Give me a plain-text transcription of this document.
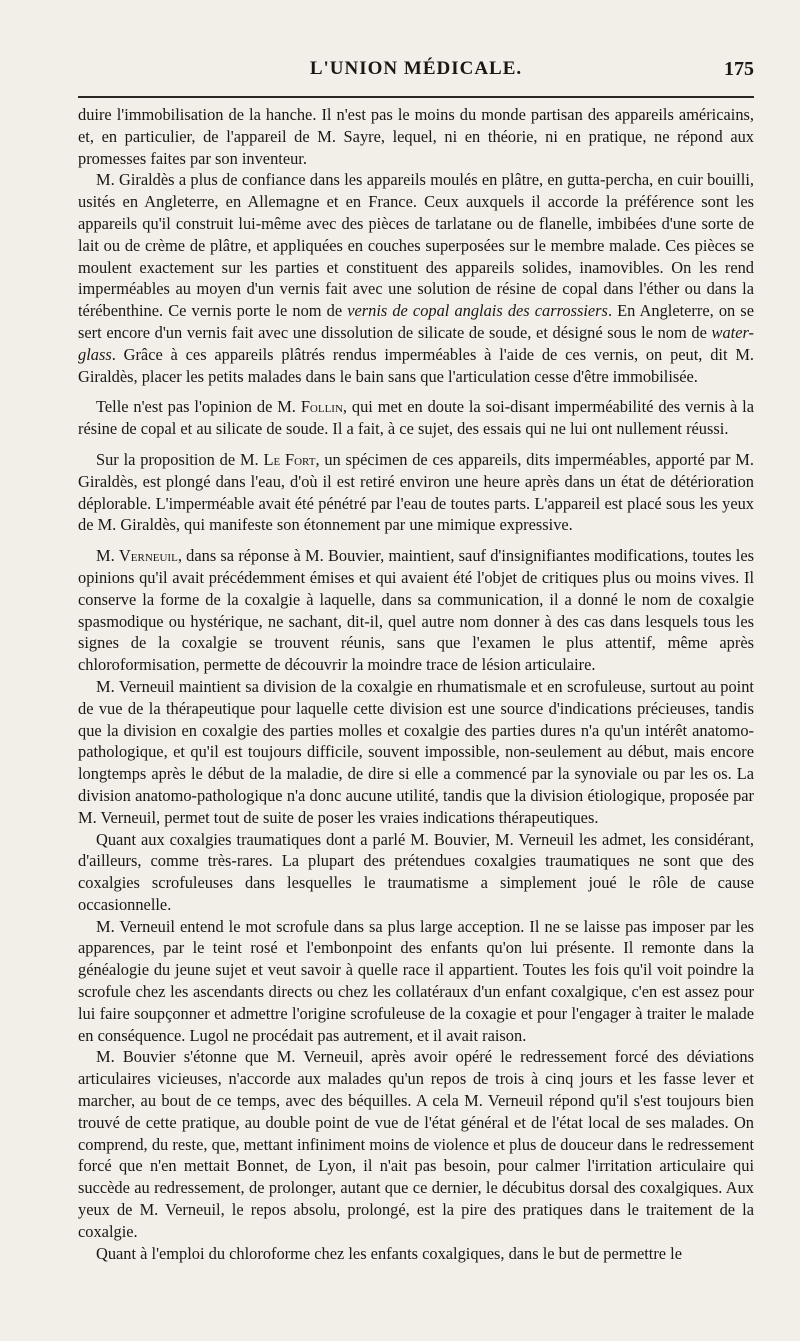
L'UNION MÉDICALE.	175

duire l'immobilisation de la hanche. Il n'est pas le moins du monde partisan des appareils américains, et, en particulier, de l'appareil de M. Sayre, lequel, ni en théorie, ni en pratique, ne répond aux promesses faites par son inventeur.

M. Giraldès a plus de confiance dans les appareils moulés en plâtre, en gutta-percha, en cuir bouilli, usités en Angleterre, en Allemagne et en France. Ceux auxquels il accorde la préférence sont les appareils qu'il construit lui-même avec des pièces de tarlatane ou de flanelle, imbibées d'une sorte de lait ou de crème de plâtre, et appliquées en couches superposées sur le membre malade. Ces pièces se moulent exactement sur les parties et constituent des appareils solides, inamovibles. On les rend imperméables au moyen d'un vernis fait avec une solution de résine de copal dans l'éther ou dans la térébenthine. Ce vernis porte le nom de vernis de copal anglais des carrossiers. En Angleterre, on se sert encore d'un vernis fait avec une dissolution de silicate de soude, et désigné sous le nom de water-glass. Grâce à ces appareils plâtrés rendus imperméables à l'aide de ces vernis, on peut, dit M. Giraldès, placer les petits malades dans le bain sans que l'articulation cesse d'être immobilisée.

Telle n'est pas l'opinion de M. Follin, qui met en doute la soi-disant imperméabilité des vernis à la résine de copal et au silicate de soude. Il a fait, à ce sujet, des essais qui ne lui ont nullement réussi.

Sur la proposition de M. Le Fort, un spécimen de ces appareils, dits imperméables, apporté par M. Giraldès, est plongé dans l'eau, d'où il est retiré environ une heure après dans un état de détérioration déplorable. L'imperméable avait été pénétré par l'eau de toutes parts. L'appareil est placé sous les yeux de M. Giraldès, qui manifeste son étonnement par une mimique expressive.

M. Verneuil, dans sa réponse à M. Bouvier, maintient, sauf d'insignifiantes modifications, toutes les opinions qu'il avait précédemment émises et qui avaient été l'objet de critiques plus ou moins vives. Il conserve la forme de la coxalgie à laquelle, dans sa communication, il a donné le nom de coxalgie spasmodique ou hystérique, ne sachant, dit-il, quel autre nom donner à des cas dans lesquels tous les signes de la coxalgie se trouvent réunis, sans que l'examen le plus attentif, même après chloroformisation, permette de découvrir la moindre trace de lésion articulaire.

M. Verneuil maintient sa division de la coxalgie en rhumatismale et en scrofuleuse, surtout au point de vue de la thérapeutique pour laquelle cette division est une source d'indications précieuses, tandis que la division en coxalgie des parties molles et coxalgie des parties dures n'a qu'un intérêt anatomo-pathologique, et qu'il est toujours difficile, souvent impossible, non-seulement au début, mais encore longtemps après le début de la maladie, de dire si elle a commencé par la synoviale ou par les os. La division anatomo-pathologique n'a donc aucune utilité, tandis que la division étiologique, proposée par M. Verneuil, permet tout de suite de poser les vraies indications thérapeutiques.

Quant aux coxalgies traumatiques dont a parlé M. Bouvier, M. Verneuil les admet, les considérant, d'ailleurs, comme très-rares. La plupart des prétendues coxalgies traumatiques ne sont que des coxalgies scrofuleuses dans lesquelles le traumatisme a simplement joué le rôle de cause occasionnelle.

M. Verneuil entend le mot scrofule dans sa plus large acception. Il ne se laisse pas imposer par les apparences, par le teint rosé et l'embonpoint des enfants qu'on lui présente. Il remonte dans la généalogie du jeune sujet et veut savoir à quelle race il appartient. Toutes les fois qu'il voit poindre la scrofule chez les ascendants directs ou chez les collatéraux d'un enfant coxalgique, c'en est assez pour lui faire soupçonner et admettre l'origine scrofuleuse de la coxagie et pour l'engager à traiter le malade en conséquence. Lugol ne procédait pas autrement, et il avait raison.

M. Bouvier s'étonne que M. Verneuil, après avoir opéré le redressement forcé des déviations articulaires vicieuses, n'accorde aux malades qu'un repos de trois à cinq jours et les fasse lever et marcher, au bout de ce temps, avec des béquilles. A cela M. Verneuil répond qu'il s'est toujours bien trouvé de cette pratique, au double point de vue de l'état général et de l'état local de ses malades. On comprend, du reste, que, mettant infiniment moins de violence et plus de douceur dans le redressement forcé que n'en mettait Bonnet, de Lyon, il n'ait pas besoin, pour calmer l'irritation articulaire qui succède au redressement, de prolonger, autant que ce dernier, le décubitus dorsal des coxalgiques. Aux yeux de M. Verneuil, le repos absolu, prolongé, est la pire des pratiques dans le traitement de la coxalgie.

Quant à l'emploi du chloroforme chez les enfants coxalgiques, dans le but de permettre le
